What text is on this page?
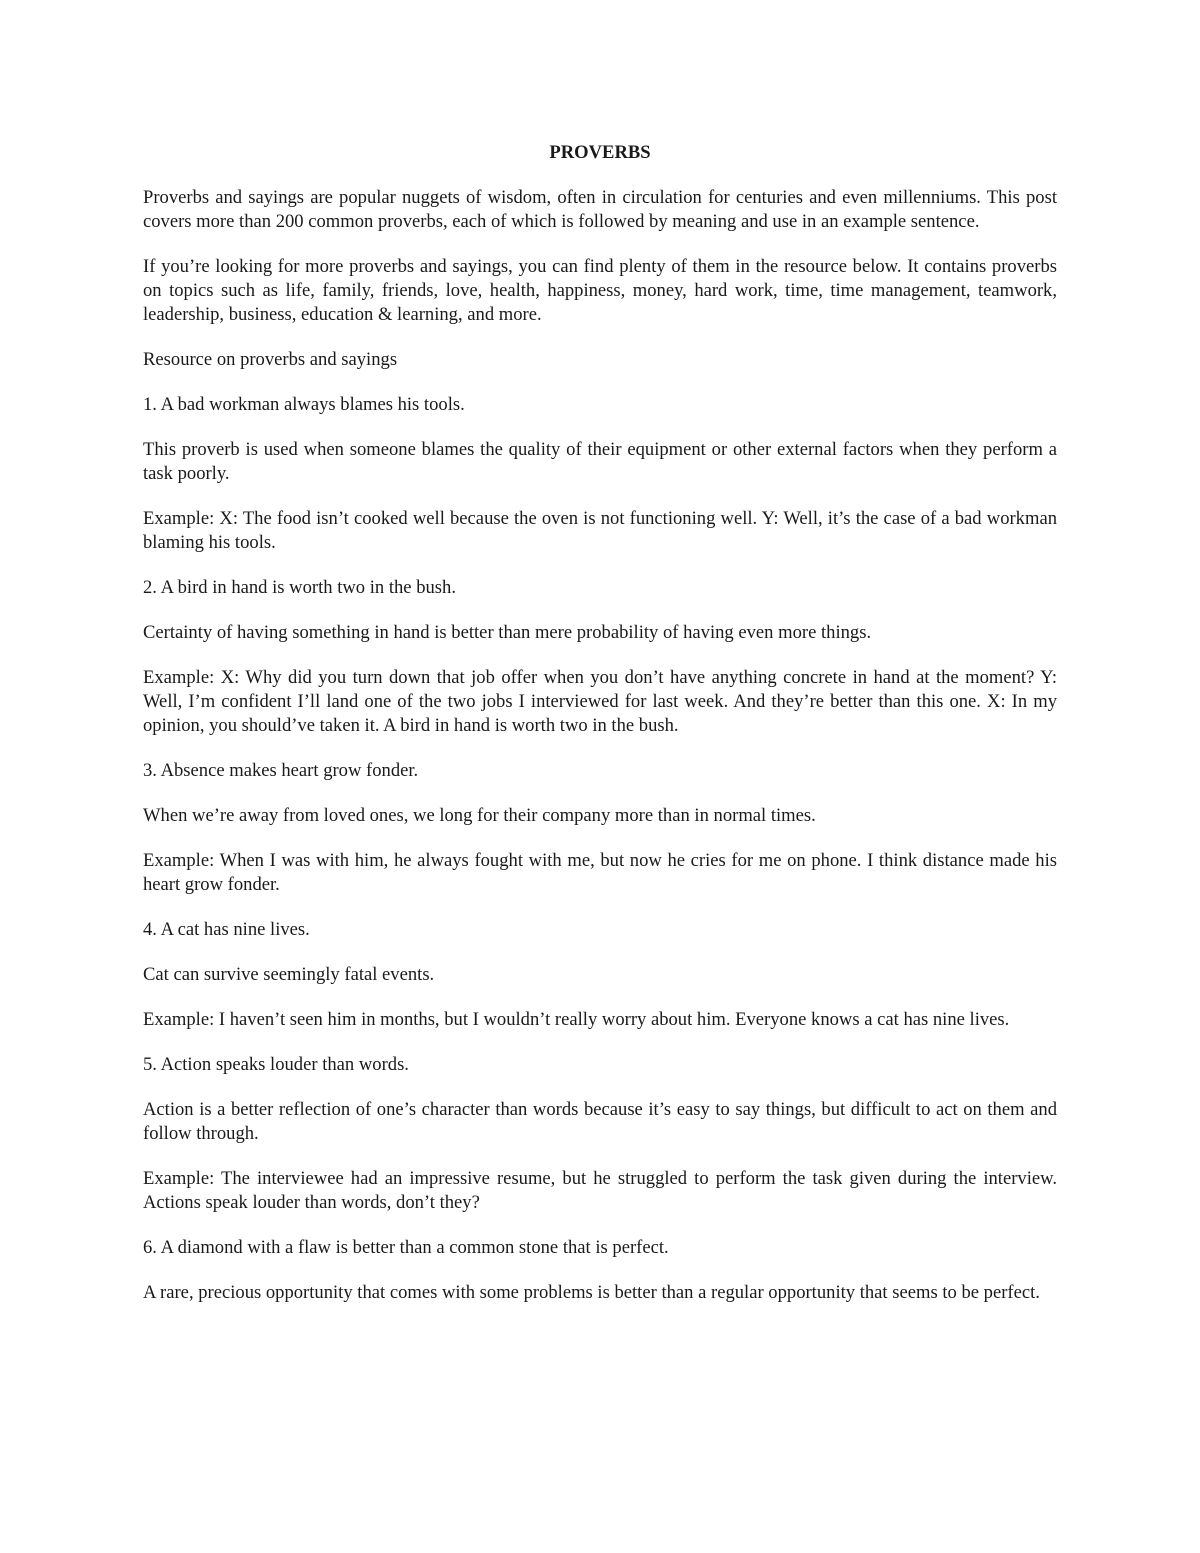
PROVERBS

Proverbs and sayings are popular nuggets of wisdom, often in circulation for centuries and even millenniums. This post covers more than 200 common proverbs, each of which is followed by meaning and use in an example sentence.

If you’re looking for more proverbs and sayings, you can find plenty of them in the resource below. It contains proverbs on topics such as life, family, friends, love, health, happiness, money, hard work, time, time management, teamwork, leadership, business, education & learning, and more.

Resource on proverbs and sayings

1. A bad workman always blames his tools.

This proverb is used when someone blames the quality of their equipment or other external factors when they perform a task poorly.

Example: X: The food isn’t cooked well because the oven is not functioning well. Y: Well, it’s the case of a bad workman blaming his tools.

2. A bird in hand is worth two in the bush.

Certainty of having something in hand is better than mere probability of having even more things.

Example: X: Why did you turn down that job offer when you don’t have anything concrete in hand at the moment? Y: Well, I’m confident I’ll land one of the two jobs I interviewed for last week. And they’re better than this one. X: In my opinion, you should’ve taken it. A bird in hand is worth two in the bush.

3. Absence makes heart grow fonder.

When we’re away from loved ones, we long for their company more than in normal times.

Example: When I was with him, he always fought with me, but now he cries for me on phone. I think distance made his heart grow fonder.

4. A cat has nine lives.

Cat can survive seemingly fatal events.

Example: I haven’t seen him in months, but I wouldn’t really worry about him. Everyone knows a cat has nine lives.

5. Action speaks louder than words.

Action is a better reflection of one’s character than words because it’s easy to say things, but difficult to act on them and follow through.

Example: The interviewee had an impressive resume, but he struggled to perform the task given during the interview. Actions speak louder than words, don’t they?

6. A diamond with a flaw is better than a common stone that is perfect.

A rare, precious opportunity that comes with some problems is better than a regular opportunity that seems to be perfect.
